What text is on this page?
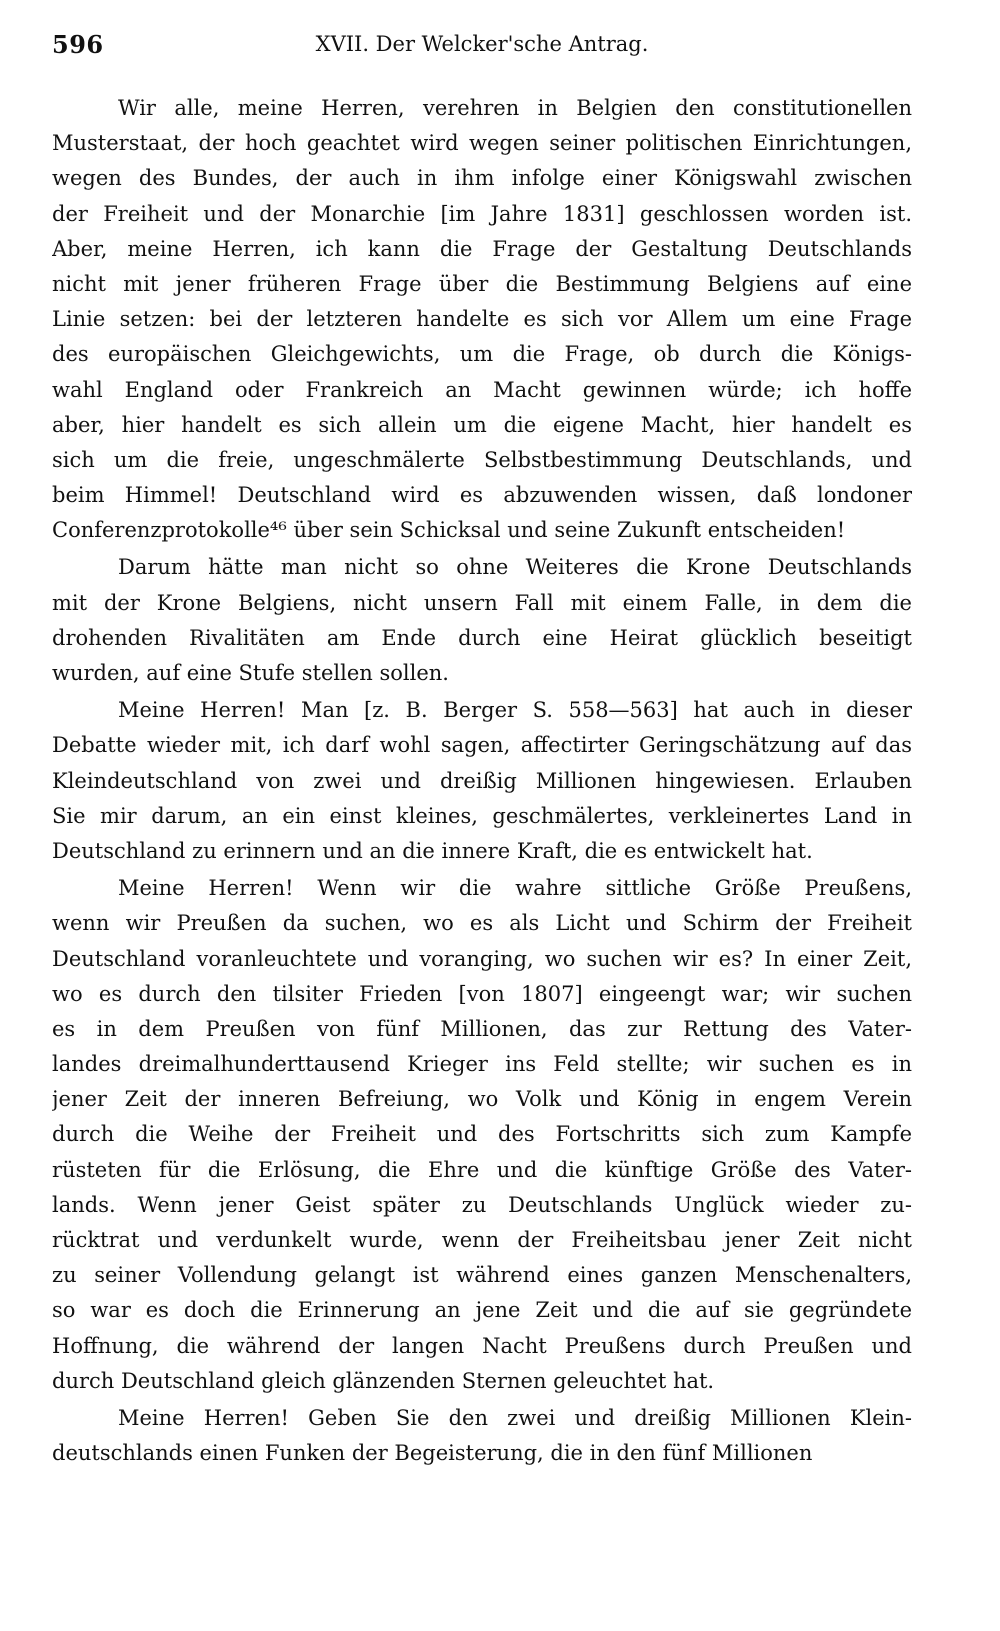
596	XVII. Der Welcker'sche Antrag.
Wir alle, meine Herren, verehren in Belgien den constitutionellen
Musterstaat, der hoch geachtet wird wegen seiner politischen Einrichtungen,
wegen des Bundes, der auch in ihm infolge einer Königswahl zwischen
der Freiheit und der Monarchie [im Jahre 1831] geschlossen worden ist.
Aber, meine Herren, ich kann die Frage der Gestaltung Deutschlands
nicht mit jener früheren Frage über die Bestimmung Belgiens auf eine
Linie setzen: bei der letzteren handelte es sich vor Allem um eine Frage
des europäischen Gleichgewichts, um die Frage, ob durch die Königs-
wahl England oder Frankreich an Macht gewinnen würde; ich hoffe
aber, hier handelt es sich allein um die eigene Macht, hier handelt es
sich um die freie, ungeschmälerte Selbstbestimmung Deutschlands, und
beim Himmel! Deutschland wird es abzuwenden wissen, daß londoner
Conferenzprotokolle⁴⁶ über sein Schicksal und seine Zukunft entscheiden!
Darum hätte man nicht so ohne Weiteres die Krone Deutschlands
mit der Krone Belgiens, nicht unsern Fall mit einem Falle, in dem die
drohenden Rivalitäten am Ende durch eine Heirat glücklich beseitigt
wurden, auf eine Stufe stellen sollen.
Meine Herren! Man [z. B. Berger S. 558—563] hat auch in dieser
Debatte wieder mit, ich darf wohl sagen, affectirter Geringschätzung auf das
Kleindeutschland von zwei und dreißig Millionen hingewiesen. Erlauben
Sie mir darum, an ein einst kleines, geschmälertes, verkleinertes Land in
Deutschland zu erinnern und an die innere Kraft, die es entwickelt hat.
Meine Herren! Wenn wir die wahre sittliche Größe Preußens,
wenn wir Preußen da suchen, wo es als Licht und Schirm der Freiheit
Deutschland voranleuchtete und voranging, wo suchen wir es? In einer Zeit,
wo es durch den tilsiter Frieden [von 1807] eingeengt war; wir suchen
es in dem Preußen von fünf Millionen, das zur Rettung des Vater-
landes dreimalhunderttausend Krieger ins Feld stellte; wir suchen es in
jener Zeit der inneren Befreiung, wo Volk und König in engem Verein
durch die Weihe der Freiheit und des Fortschritts sich zum Kampfe
rüsteten für die Erlösung, die Ehre und die künftige Größe des Vater-
lands. Wenn jener Geist später zu Deutschlands Unglück wieder zu-
rücktrat und verdunkelt wurde, wenn der Freiheitsbau jener Zeit nicht
zu seiner Vollendung gelangt ist während eines ganzen Menschenalters,
so war es doch die Erinnerung an jene Zeit und die auf sie gegründete
Hoffnung, die während der langen Nacht Preußens durch Preußen und
durch Deutschland gleich glänzenden Sternen geleuchtet hat.
Meine Herren! Geben Sie den zwei und dreißig Millionen Klein-
deutschlands einen Funken der Begeisterung, die in den fünf Millionen
